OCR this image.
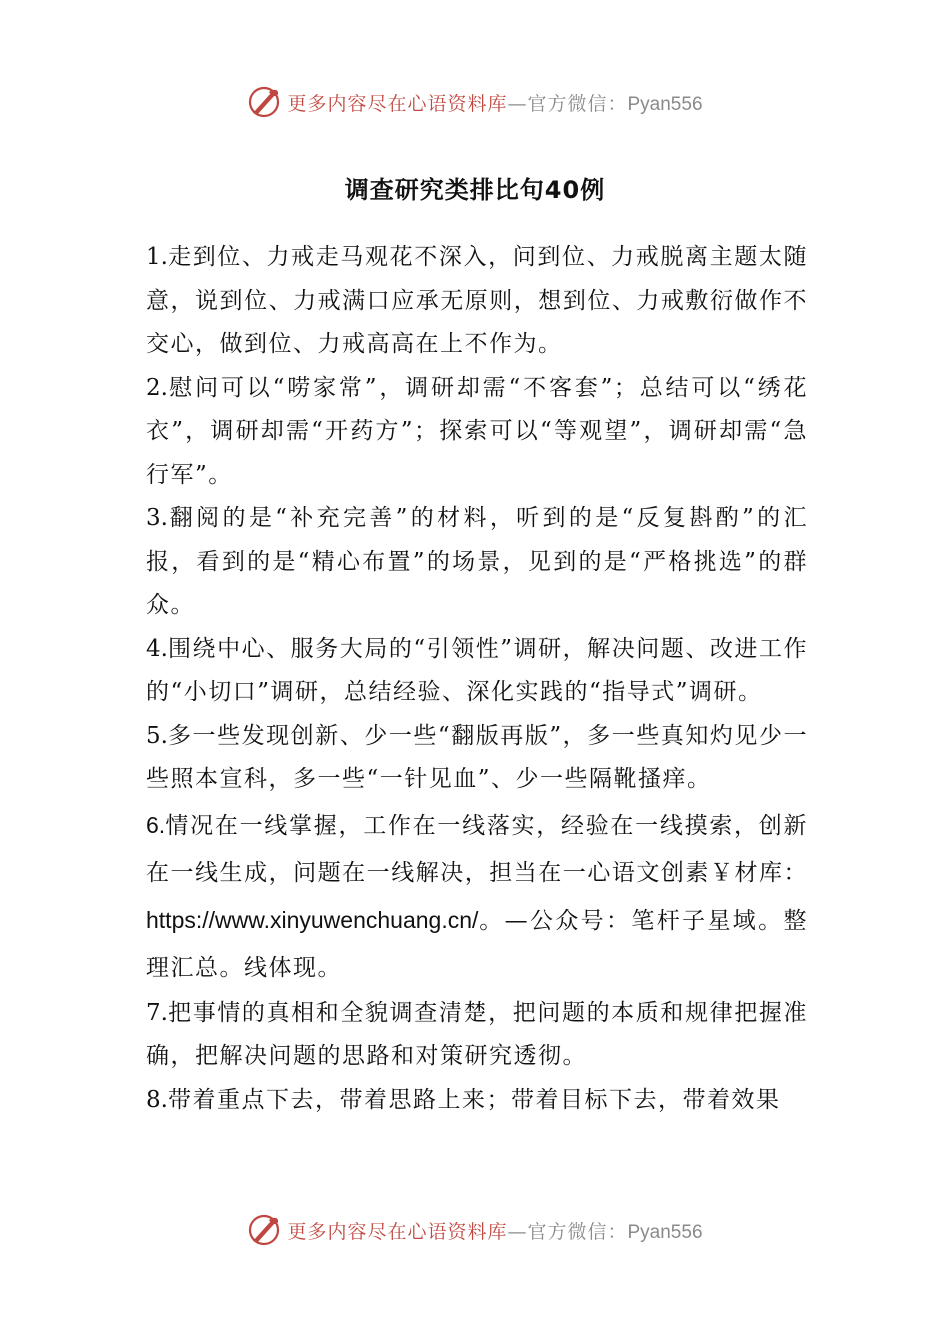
更多内容尽在心语资料库—官方微信：Pyan556
调查研究类排比句40例

1.走到位、力戒走马观花不深入，问到位、力戒脱离主题太随意，说到位、力戒满口应承无原则，想到位、力戒敷衍做作不交心，做到位、力戒高高在上不作为。

2.慰问可以“唠家常”，调研却需“不客套”；总结可以“绣花衣”，调研却需“开药方”；探索可以“等观望”，调研却需“急行军”。

3.翻阅的是“补充完善”的材料，听到的是“反复斟酌”的汇报，看到的是“精心布置”的场景，见到的是“严格挑选”的群众。

4.围绕中心、服务大局的“引领性”调研，解决问题、改进工作的“小切口”调研，总结经验、深化实践的“指导式”调研。

5.多一些发现创新、少一些“翻版再版”，多一些真知灼见少一些照本宣科，多一些“一针见血”、少一些隔靴搔痒。

6.情况在一线掌握，工作在一线落实，经验在一线摸索，创新在一线生成，问题在一线解决，担当在一心语文创素￥材库：https://www.xinyuwenchuang.cn/。—公众号：笔杆子星域。整理汇总。线体现。

7.把事情的真相和全貌调查清楚，把问题的本质和规律把握准确，把解决问题的思路和对策研究透彻。

8.带着重点下去，带着思路上来；带着目标下去，带着效果

更多内容尽在心语资料库—官方微信：Pyan556
